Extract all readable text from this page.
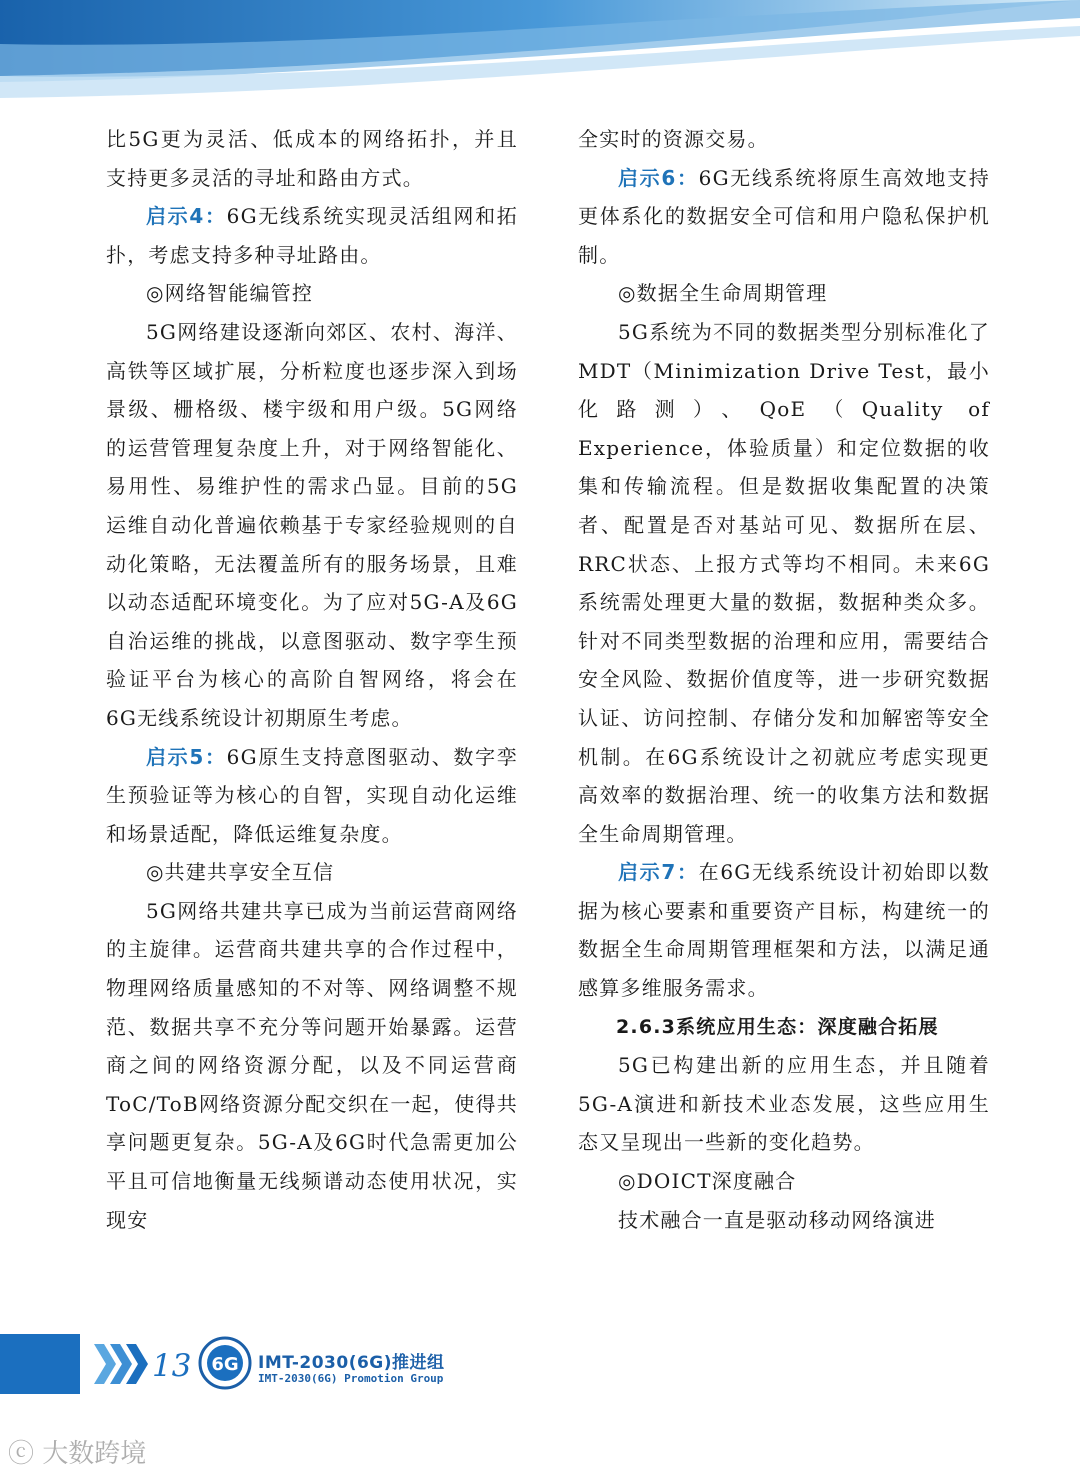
比5G更为灵活、低成本的网络拓扑，并且支持更多灵活的寻址和路由方式。

启示4：6G无线系统实现灵活组网和拓扑，考虑支持多种寻址路由。

◎网络智能编管控

5G网络建设逐渐向郊区、农村、海洋、高铁等区域扩展，分析粒度也逐步深入到场景级、栅格级、楼宇级和用户级。5G网络的运营管理复杂度上升，对于网络智能化、易用性、易维护性的需求凸显。目前的5G运维自动化普遍依赖基于专家经验规则的自动化策略，无法覆盖所有的服务场景，且难以动态适配环境变化。为了应对5G-A及6G自治运维的挑战，以意图驱动、数字孪生预验证平台为核心的高阶自智网络，将会在6G无线系统设计初期原生考虑。

启示5：6G原生支持意图驱动、数字孪生预验证等为核心的自智，实现自动化运维和场景适配，降低运维复杂度。

◎共建共享安全互信

5G网络共建共享已成为当前运营商网络的主旋律。运营商共建共享的合作过程中，物理网络质量感知的不对等、网络调整不规范、数据共享不充分等问题开始暴露。运营商之间的网络资源分配，以及不同运营商ToC/ToB网络资源分配交织在一起，使得共享问题更复杂。5G-A及6G时代急需更加公平且可信地衡量无线频谱动态使用状况，实现安

全实时的资源交易。

启示6：6G无线系统将原生高效地支持更体系化的数据安全可信和用户隐私保护机制。

◎数据全生命周期管理

5G系统为不同的数据类型分别标准化了MDT（Minimization Drive Test，最小化路测）、QoE（Quality of Experience，体验质量）和定位数据的收集和传输流程。但是数据收集配置的决策者、配置是否对基站可见、数据所在层、RRC状态、上报方式等均不相同。未来6G系统需处理更大量的数据，数据种类众多。针对不同类型数据的治理和应用，需要结合安全风险、数据价值度等，进一步研究数据认证、访问控制、存储分发和加解密等安全机制。在6G系统设计之初就应考虑实现更高效率的数据治理、统一的收集方法和数据全生命周期管理。

启示7：在6G无线系统设计初始即以数据为核心要素和重要资产目标，构建统一的数据全生命周期管理框架和方法，以满足通感算多维服务需求。

2.6.3系统应用生态：深度融合拓展

5G已构建出新的应用生态，并且随着5G-A演进和新技术业态发展，这些应用生态又呈现出一些新的变化趋势。

◎DOICT深度融合

技术融合一直是驱动移动网络演进

13 6G IMT-2030(6G)推进组
IMT-2030(6G) Promotion Group
ⓒ 大数跨境
